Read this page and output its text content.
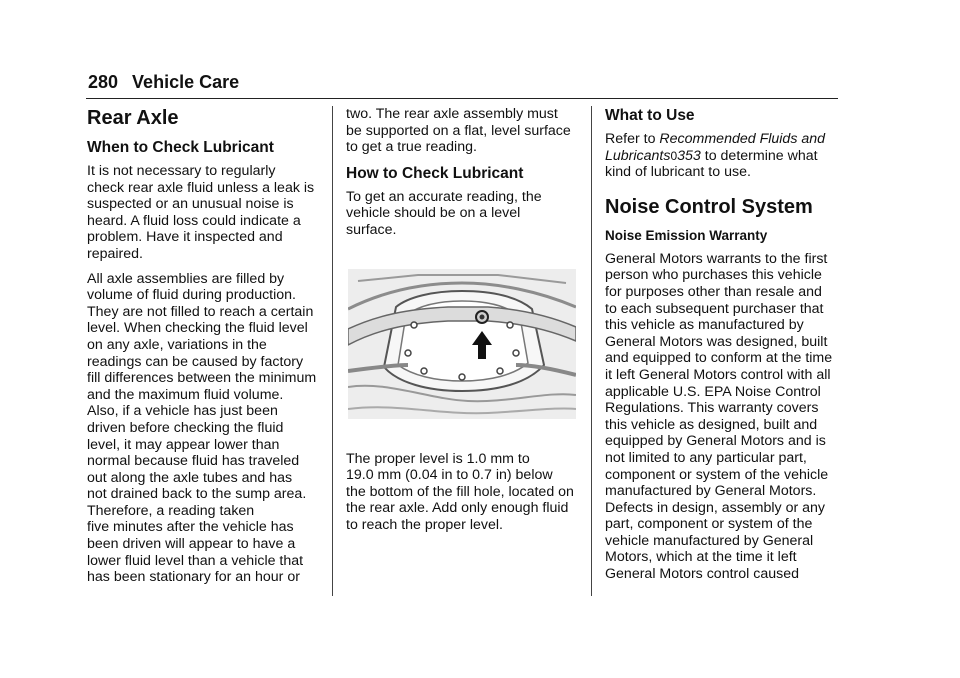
280 Vehicle Care
Rear Axle
When to Check Lubricant

It is not necessary to regularly
check rear axle fluid unless a leak is
suspected or an unusual noise is
heard. A fluid loss could indicate a
problem. Have it inspected and
repaired.

All axle assemblies are filled by
volume of fluid during production.
They are not filled to reach a certain
level. When checking the fluid level
on any axle, variations in the
readings can be caused by factory
fill differences between the minimum
and the maximum fluid volume.
Also, if a vehicle has just been
driven before checking the fluid
level, it may appear lower than
normal because fluid has traveled
out along the axle tubes and has
not drained back to the sump area.
Therefore, a reading taken
five minutes after the vehicle has
been driven will appear to have a
lower fluid level than a vehicle that
has been stationary for an hour or

two. The rear axle assembly must
be supported on a flat, level surface
to get a true reading.

How to Check Lubricant

To get an accurate reading, the
vehicle should be on a level
surface.

The proper level is 1.0 mm to
19.0 mm (0.04 in to 0.7 in) below
the bottom of the fill hole, located on
the rear axle. Add only enough fluid
to reach the proper level.

What to Use

Refer to Recommended Fluids and
Lubricants0353 to determine what
kind of lubricant to use.

Noise Control System
Noise Emission Warranty

General Motors warrants to the first
person who purchases this vehicle
for purposes other than resale and
to each subsequent purchaser that
this vehicle as manufactured by
General Motors was designed, built
and equipped to conform at the time
it left General Motors control with all
applicable U.S. EPA Noise Control
Regulations. This warranty covers
this vehicle as designed, built and
equipped by General Motors and is
not limited to any particular part,
component or system of the vehicle
manufactured by General Motors.
Defects in design, assembly or any
part, component or system of the
vehicle manufactured by General
Motors, which at the time it left
General Motors control caused
